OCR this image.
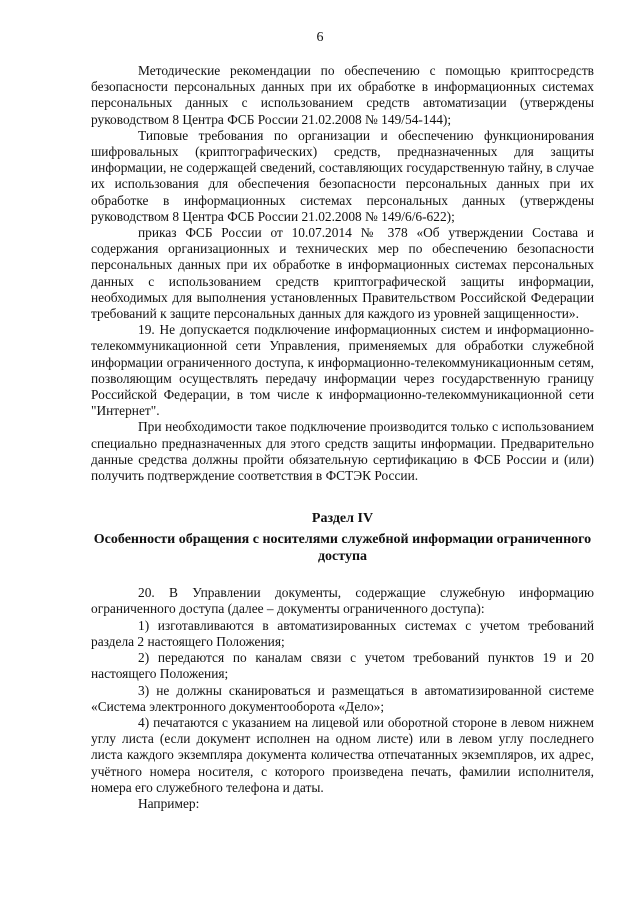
6

Методические рекомендации по обеспечению с помощью криптосредств безопасности персональных данных при их обработке в информационных системах персональных данных с использованием средств автоматизации (утверждены руководством 8 Центра ФСБ России 21.02.2008 № 149/54-144);

Типовые требования по организации и обеспечению функционирования шифровальных (криптографических) средств, предназначенных для защиты информации, не содержащей сведений, составляющих государственную тайну, в случае их использования для обеспечения безопасности персональных данных при их обработке в информационных системах персональных данных (утверждены руководством 8 Центра ФСБ России 21.02.2008 № 149/6/6-622);

приказ ФСБ России от 10.07.2014 № 378 «Об утверждении Состава и содержания организационных и технических мер по обеспечению безопасности персональных данных при их обработке в информационных системах персональных данных с использованием средств криптографической защиты информации, необходимых для выполнения установленных Правительством Российской Федерации требований к защите персональных данных для каждого из уровней защищенности».

19. Не допускается подключение информационных систем и информационно-телекоммуникационной сети Управления, применяемых для обработки служебной информации ограниченного доступа, к информационно-телекоммуникационным сетям, позволяющим осуществлять передачу информации через государственную границу Российской Федерации, в том числе к информационно-телекоммуникационной сети "Интернет".

При необходимости такое подключение производится только с использованием специально предназначенных для этого средств защиты информации. Предварительно данные средства должны пройти обязательную сертификацию в ФСБ России и (или) получить подтверждение соответствия в ФСТЭК России.

Раздел IV
Особенности обращения с носителями служебной информации ограниченного доступа

20. В Управлении документы, содержащие служебную информацию ограниченного доступа (далее – документы ограниченного доступа):

1) изготавливаются в автоматизированных системах с учетом требований раздела 2 настоящего Положения;

2) передаются по каналам связи с учетом требований пунктов 19 и 20 настоящего Положения;

3) не должны сканироваться и размещаться в автоматизированной системе «Система электронного документооборота «Дело»;

4) печатаются с указанием на лицевой или оборотной стороне в левом нижнем углу листа (если документ исполнен на одном листе) или в левом углу последнего листа каждого экземпляра документа количества отпечатанных экземпляров, их адрес, учётного номера носителя, с которого произведена печать, фамилии исполнителя, номера его служебного телефона и даты.

Например:
